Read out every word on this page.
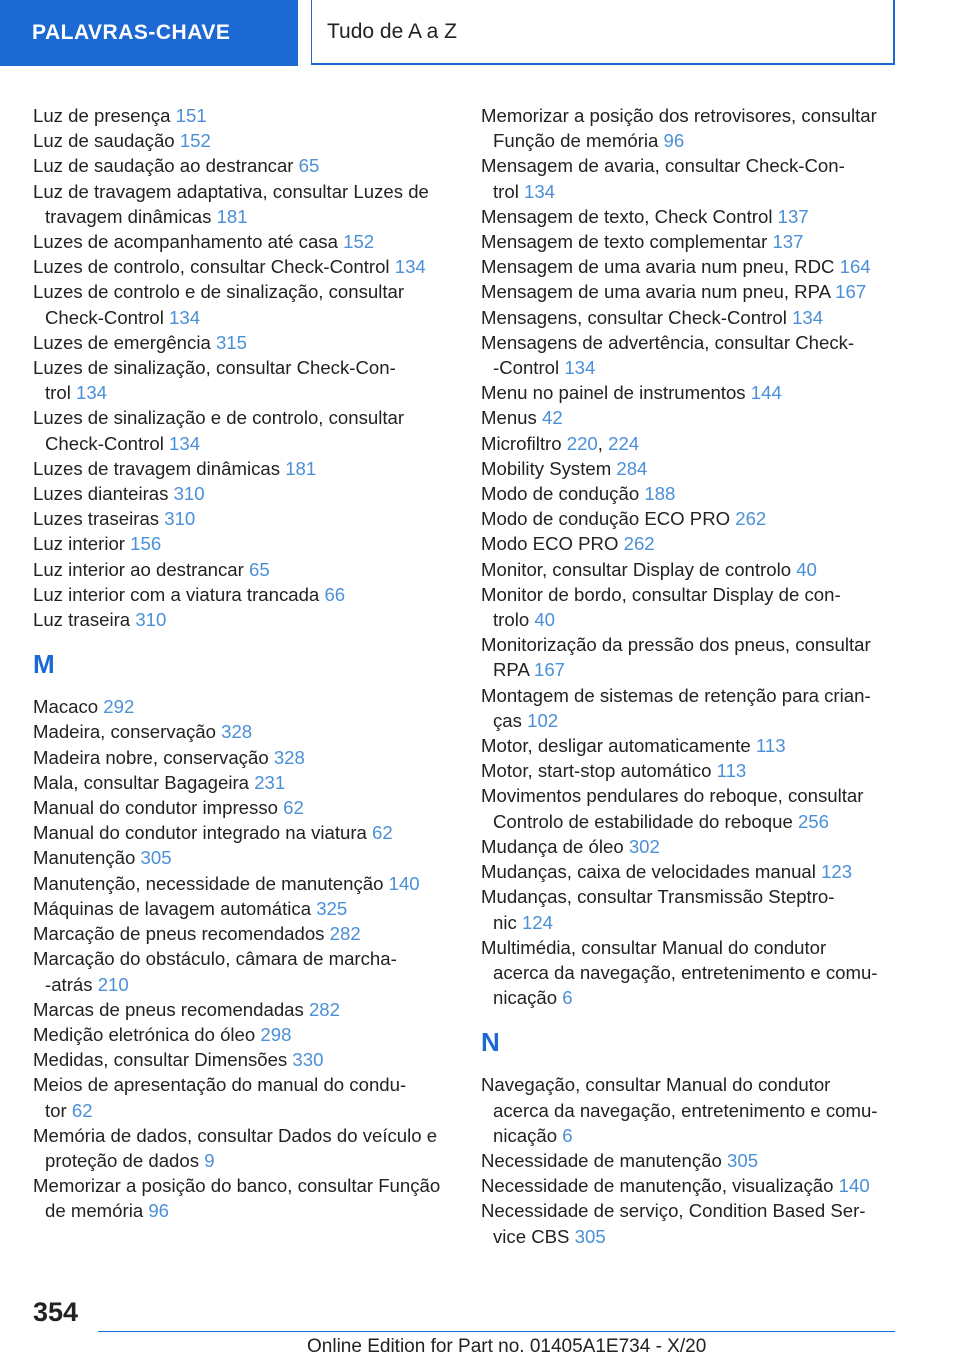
PALAVRAS-CHAVE	Tudo de A a Z
Luz de presença 151
Luz de saudação 152
Luz de saudação ao destrancar 65
Luz de travagem adaptativa, consultar Luzes de
travagem dinâmicas 181
Luzes de acompanhamento até casa 152
Luzes de controlo, consultar Check-Control 134
Luzes de controlo e de sinalização, consultar
Check-Control 134
Luzes de emergência 315
Luzes de sinalização, consultar Check-Con‐
trol 134
Luzes de sinalização e de controlo, consultar
Check-Control 134
Luzes de travagem dinâmicas 181
Luzes dianteiras 310
Luzes traseiras 310
Luz interior 156
Luz interior ao destrancar 65
Luz interior com a viatura trancada 66
Luz traseira 310
M
Macaco 292
Madeira, conservação 328
Madeira nobre, conservação 328
Mala, consultar Bagageira 231
Manual do condutor impresso 62
Manual do condutor integrado na viatura 62
Manutenção 305
Manutenção, necessidade de manutenção 140
Máquinas de lavagem automática 325
Marcação de pneus recomendados 282
Marcação do obstáculo, câmara de marcha‐
-atrás 210
Marcas de pneus recomendadas 282
Medição eletrónica do óleo 298
Medidas, consultar Dimensões 330
Meios de apresentação do manual do condu‐
tor 62
Memória de dados, consultar Dados do veículo e
proteção de dados 9
Memorizar a posição do banco, consultar Função
de memória 96
Memorizar a posição dos retrovisores, consultar
Função de memória 96
Mensagem de avaria, consultar Check-Con‐
trol 134
Mensagem de texto, Check Control 137
Mensagem de texto complementar 137
Mensagem de uma avaria num pneu, RDC 164
Mensagem de uma avaria num pneu, RPA 167
Mensagens, consultar Check-Control 134
Mensagens de advertência, consultar Check‐
-Control 134
Menu no painel de instrumentos 144
Menus 42
Microfiltro 220, 224
Mobility System 284
Modo de condução 188
Modo de condução ECO PRO 262
Modo ECO PRO 262
Monitor, consultar Display de controlo 40
Monitor de bordo, consultar Display de con‐
trolo 40
Monitorização da pressão dos pneus, consultar
RPA 167
Montagem de sistemas de retenção para crian‐
ças 102
Motor, desligar automaticamente 113
Motor, start-stop automático 113
Movimentos pendulares do reboque, consultar
Controlo de estabilidade do reboque 256
Mudança de óleo 302
Mudanças, caixa de velocidades manual 123
Mudanças, consultar Transmissão Steptro‐
nic 124
Multimédia, consultar Manual do condutor
acerca da navegação, entretenimento e comu‐
nicação 6
N
Navegação, consultar Manual do condutor
acerca da navegação, entretenimento e comu‐
nicação 6
Necessidade de manutenção 305
Necessidade de manutenção, visualização 140
Necessidade de serviço, Condition Based Ser‐
vice CBS 305
354
Online Edition for Part no. 01405A1E734 - X/20
